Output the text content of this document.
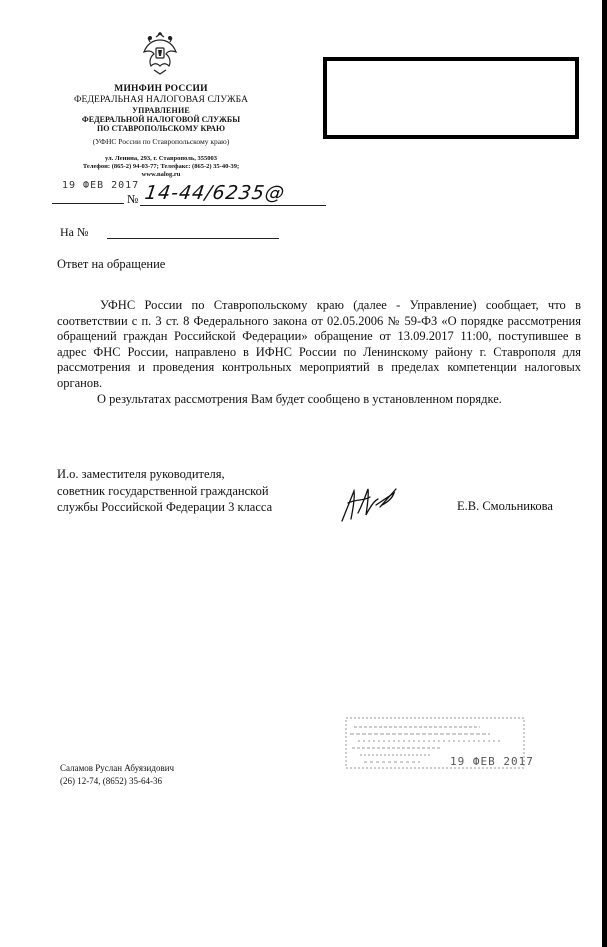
МИНФИН РОССИИ
ФЕДЕРАЛЬНАЯ НАЛОГОВАЯ СЛУЖБА
УПРАВЛЕНИЕ
ФЕДЕРАЛЬНОЙ НАЛОГОВОЙ СЛУЖБЫ
ПО СТАВРОПОЛЬСКОМУ КРАЮ
(УФНС России по Ставропольскому краю)
ул. Ленина, 293, г. Ставрополь, 355003
Телефон: (865-2) 94-03-77; Телефакс: (865-2) 35-40-39;
www.nalog.ru
19 ФЕВ 2017
№ 14-44/6235@
На №
Ответ на обращение

УФНС России по Ставропольскому краю (далее - Управление) сообщает, что в соответствии с п. 3 ст. 8 Федерального закона от 02.05.2006 № 59-ФЗ «О порядке рассмотрения обращений граждан Российской Федерации» обращение от 13.09.2017 11:00, поступившее в адрес ФНС России, направлено в ИФНС России по Ленинскому району г. Ставрополя для рассмотрения и проведения контрольных мероприятий в пределах компетенции налоговых органов.

О результатах рассмотрения Вам будет сообщено в установленном порядке.

И.о. заместителя руководителя,
советник государственной гражданской
службы Российской Федерации 3 класса	Е.В. Смольникова
19 ФЕВ 2017
Саламов Руслан Абуязидович
(26) 12-74, (8652) 35-64-36
